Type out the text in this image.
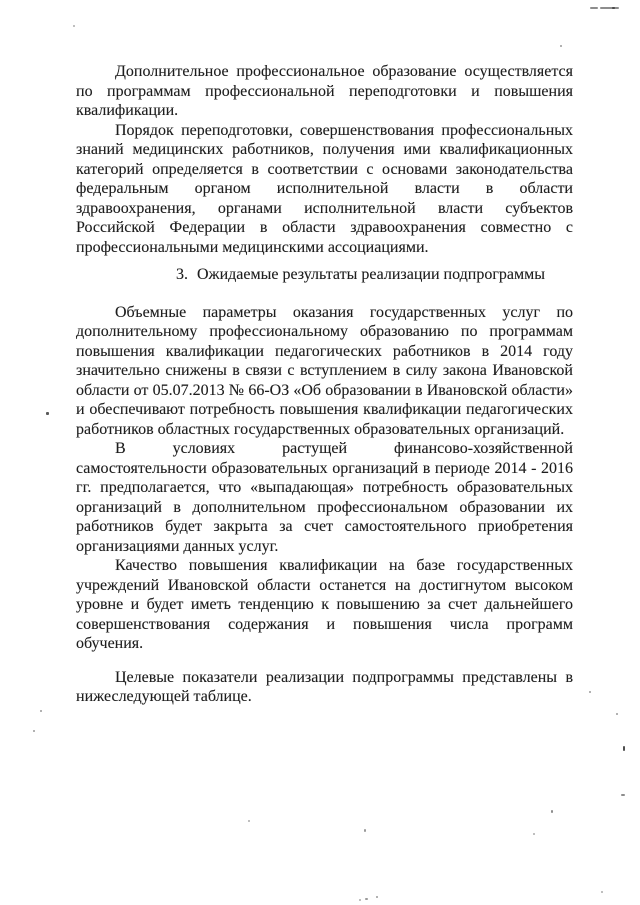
Дополнительное профессиональное образование осуществляется по программам профессиональной переподготовки и повышения квалификации.

Порядок переподготовки, совершенствования профессиональных знаний медицинских работников, получения ими квалификационных категорий определяется в соответствии с основами законодательства федеральным органом исполнительной власти в области здравоохранения, органами исполнительной власти субъектов Российской Федерации в области здравоохранения совместно с профессиональными медицинскими ассоциациями.

3. Ожидаемые результаты реализации подпрограммы

Объемные параметры оказания государственных услуг по дополнительному профессиональному образованию по программам повышения квалификации педагогических работников в 2014 году значительно снижены в связи с вступлением в силу закона Ивановской области от 05.07.2013 № 66-ОЗ «Об образовании в Ивановской области» и обеспечивают потребность повышения квалификации педагогических работников областных государственных образовательных организаций.

В условиях растущей финансово-хозяйственной самостоятельности образовательных организаций в периоде 2014 - 2016 гг. предполагается, что «выпадающая» потребность образовательных организаций в дополнительном профессиональном образовании их работников будет закрыта за счет самостоятельного приобретения организациями данных услуг.

Качество повышения квалификации на базе государственных учреждений Ивановской области останется на достигнутом высоком уровне и будет иметь тенденцию к повышению за счет дальнейшего совершенствования содержания и повышения числа программ обучения.

Целевые показатели реализации подпрограммы представлены в нижеследующей таблице.
